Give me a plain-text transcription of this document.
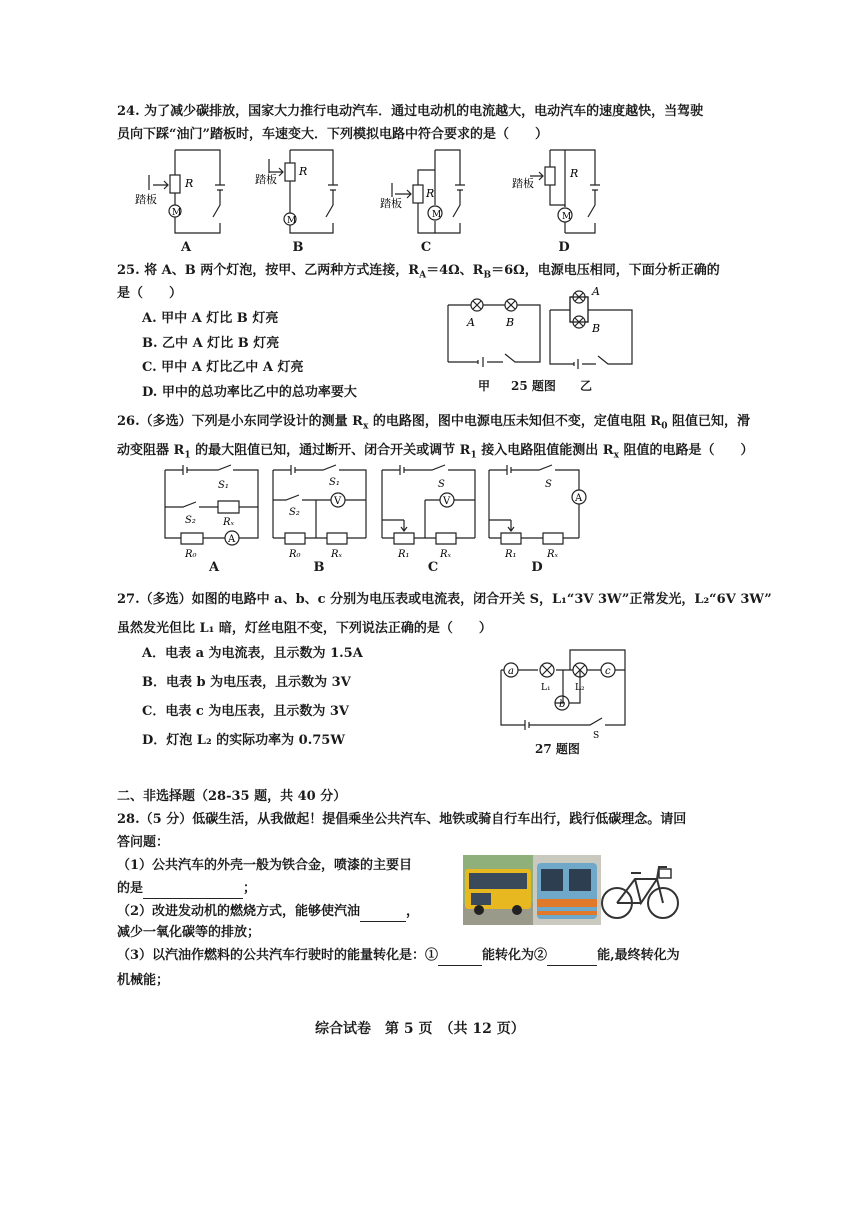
24. 为了减少碳排放，国家大力推行电动汽车．通过电动机的电流越大，电动汽车的速度越快，当驾驶
员向下踩“油门”踏板时，车速变大．下列模拟电路中符合要求的是（　　）
M
踏板
R
A
M
踏板
R
B
M
踏板
R
C
M
踏板
R
D
25. 将 A、B 两个灯泡，按甲、乙两种方式连接，$R_A=4\Omega$、$R_B=6\Omega$，电源电压相同，下面分析正确的
是（　　）
A. 甲中 A 灯比 B 灯亮
B. 乙中 A 灯比 B 灯亮
C. 甲中 A 灯比乙中 A 灯亮
D. 甲中的总功率比乙中的总功率要大
A	B
A
B
甲 25 题图 乙
26.（多选）下列是小东同学设计的测量 $R_x$ 的电路图，图中电源电压未知但不变，定值电阻 $R_0$ 阻值已知，滑
动变阻器 $R_1$ 的最大阻值已知，通过断开、闭合开关或调节 $R_1$ 接入电路阻值能测出 $R_x$ 阻值的电路是（　　）
A
S₁
S₂	Rₓ
R₀
A
V
S₁
S₂
R₀	Rₓ
B
V
S
R₁	Rₓ
C
A
S
R₁	Rₓ
D
27.（多选）如图的电路中 a、b、c 分别为电压表或电流表，闭合开关 S，L₁“3V 3W”正常发光，L₂“6V 3W”
虽然发光但比 L₁ 暗，灯丝电阻不变，下列说法正确的是（　　）
A．电表 a 为电流表，且示数为 1.5A
B．电表 b 为电压表，且示数为 3V
C．电表 c 为电压表，且示数为 3V
D．灯泡 L₂ 的实际功率为 0.75W
a	c
b
L₁	L₂
S
27 题图
二、非选择题（28-35 题，共 40 分）
28.（5 分）低碳生活，从我做起！提倡乘坐公共汽车、地铁或骑自行车出行，践行低碳理念。请回
答问题：
（1）公共汽车的外壳一般为铁合金，喷漆的主要目
的是	；
（2）改进发动机的燃烧方式，能够使汽油	，
减少一氧化碳等的排放；
（3）以汽油作燃料的公共汽车行驶时的能量转化是：①	能转化为②	能,最终转化为
机械能；
综合试卷　第 5 页　（共 12 页）
